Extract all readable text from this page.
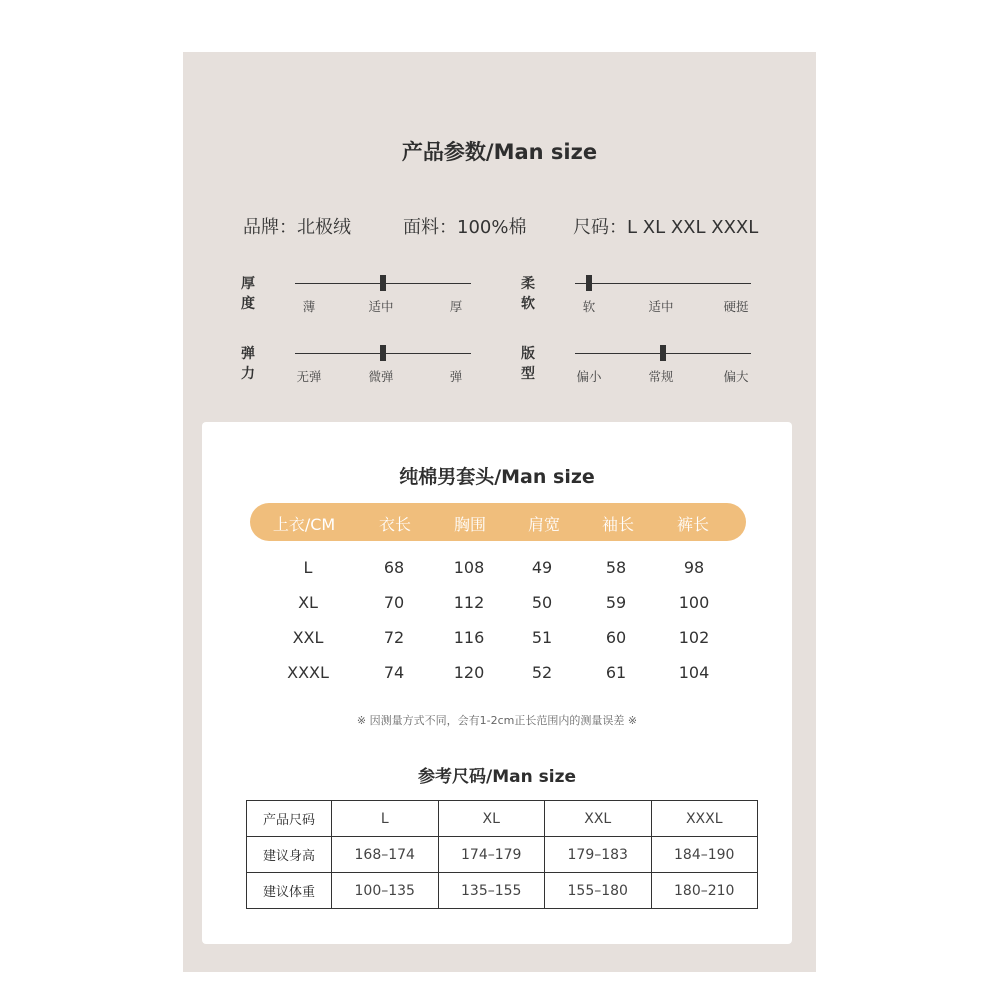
产品参数/Man size
品牌：北极绒	面料：100%棉	尺码：L XL XXL XXXL
厚度	薄	适中	厚
柔软	软	适中	硬挺
弹力	无弹	微弹	弹
版型	偏小	常规	偏大
纯棉男套头/Man size
上衣/CM	衣长	胸围	肩宽	袖长	裤长
L	68	108	49	58	98
XL	70	112	50	59	100
XXL	72	116	51	60	102
XXXL	74	120	52	61	104
※ 因测量方式不同，会有1-2cm正长范围内的测量误差 ※
参考尺码/Man size
产品尺码	L	XL	XXL	XXXL
建议身高	168–174	174–179	179–183	184–190
建议体重	100–135	135–155	155–180	180–210
